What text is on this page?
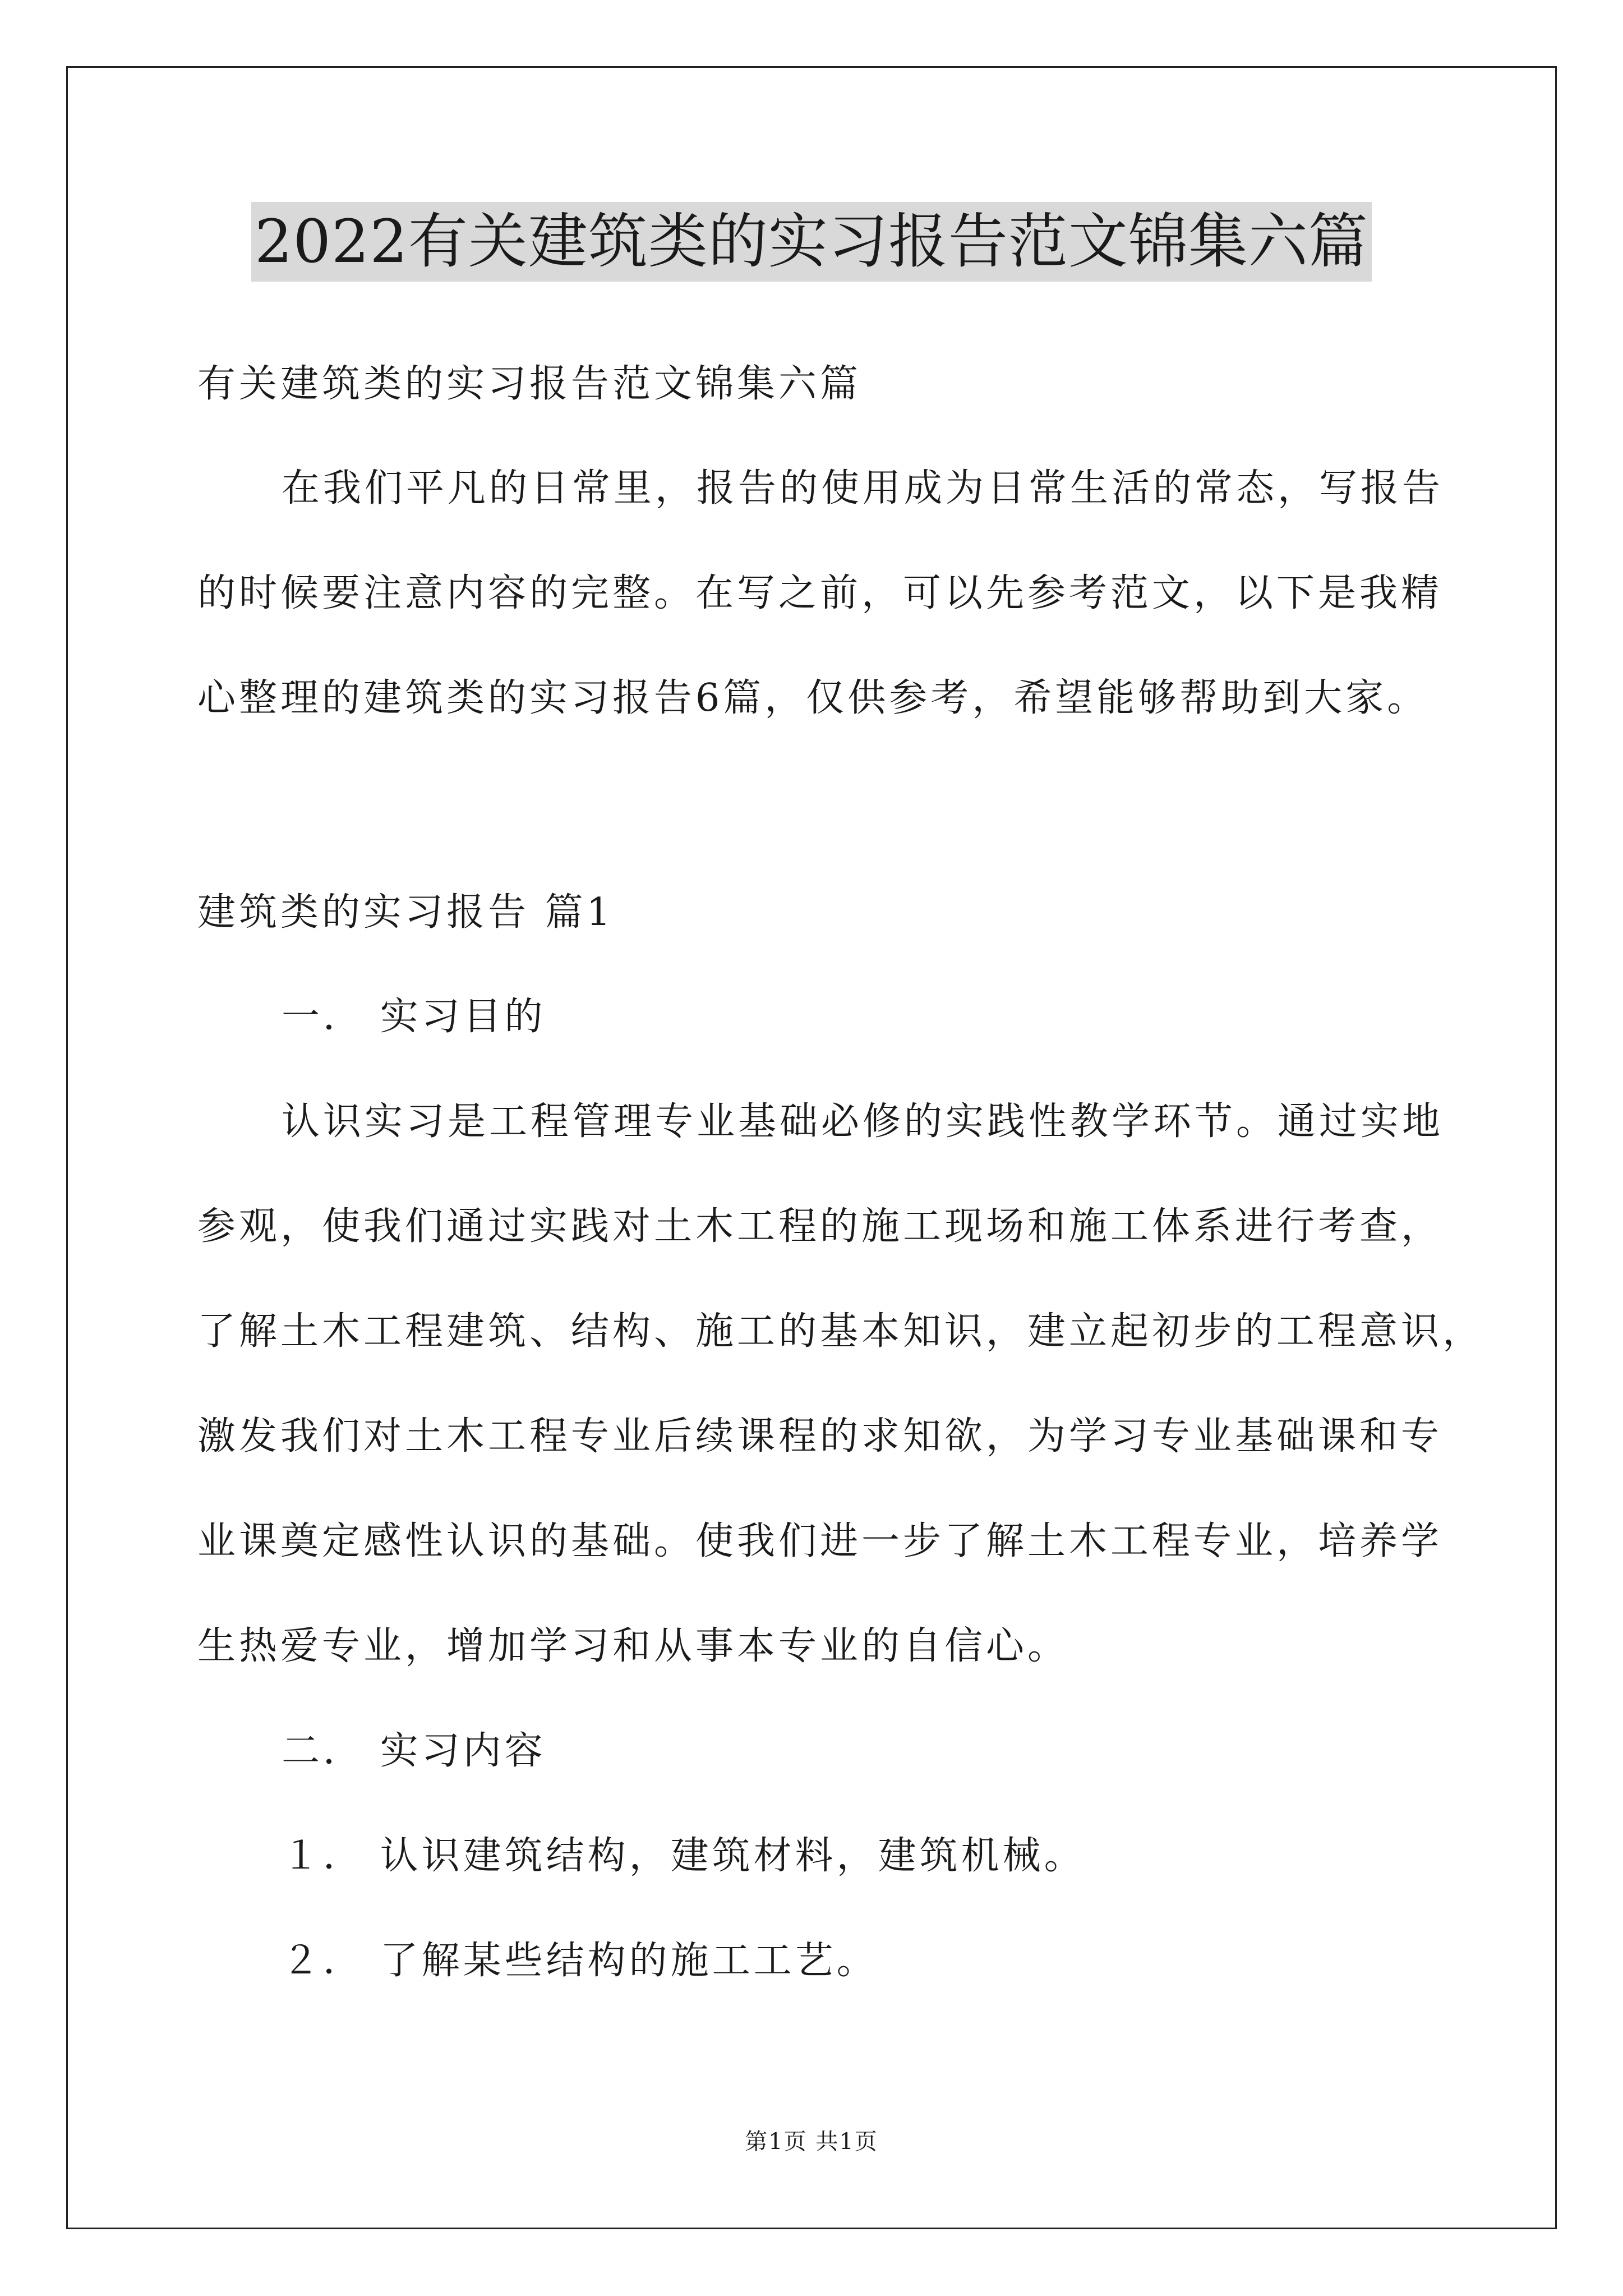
2022有关建筑类的实习报告范文锦集六篇
有关建筑类的实习报告范文锦集六篇
在我们平凡的日常里，报告的使用成为日常生活的常态，写报告
的时候要注意内容的完整。在写之前，可以先参考范文，以下是我精
心整理的建筑类的实习报告6篇，仅供参考，希望能够帮助到大家。
建筑类的实习报告 篇1
一． 实习目的
认识实习是工程管理专业基础必修的实践性教学环节。通过实地
参观，使我们通过实践对土木工程的施工现场和施工体系进行考查，
了解土木工程建筑、结构、施工的基本知识，建立起初步的工程意识，
激发我们对土木工程专业后续课程的求知欲，为学习专业基础课和专
业课奠定感性认识的基础。使我们进一步了解土木工程专业，培养学
生热爱专业，增加学习和从事本专业的自信心。
二． 实习内容
１． 认识建筑结构，建筑材料，建筑机械。
２． 了解某些结构的施工工艺。
第1页 共1页
